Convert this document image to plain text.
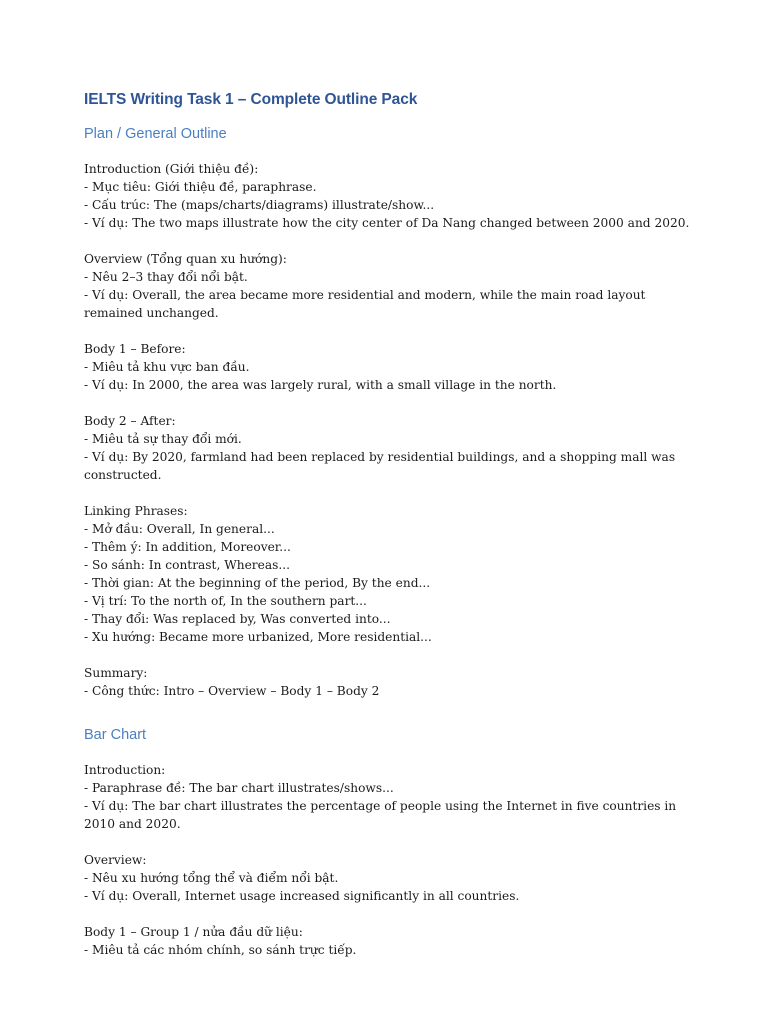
IELTS Writing Task 1 – Complete Outline Pack
Plan / General Outline
Introduction (Giới thiệu đề):
- Mục tiêu: Giới thiệu đề, paraphrase.
- Cấu trúc: The (maps/charts/diagrams) illustrate/show...
- Ví dụ: The two maps illustrate how the city center of Da Nang changed between 2000 and 2020.
Overview (Tổng quan xu hướng):
- Nêu 2–3 thay đổi nổi bật.
- Ví dụ: Overall, the area became more residential and modern, while the main road layout remained unchanged.
Body 1 – Before:
- Miêu tả khu vực ban đầu.
- Ví dụ: In 2000, the area was largely rural, with a small village in the north.
Body 2 – After:
- Miêu tả sự thay đổi mới.
- Ví dụ: By 2020, farmland had been replaced by residential buildings, and a shopping mall was constructed.
Linking Phrases:
- Mở đầu: Overall, In general...
- Thêm ý: In addition, Moreover...
- So sánh: In contrast, Whereas...
- Thời gian: At the beginning of the period, By the end...
- Vị trí: To the north of, In the southern part...
- Thay đổi: Was replaced by, Was converted into...
- Xu hướng: Became more urbanized, More residential...
Summary:
- Công thức: Intro – Overview – Body 1 – Body 2
Bar Chart
Introduction:
- Paraphrase đề: The bar chart illustrates/shows...
- Ví dụ: The bar chart illustrates the percentage of people using the Internet in five countries in 2010 and 2020.
Overview:
- Nêu xu hướng tổng thể và điểm nổi bật.
- Ví dụ: Overall, Internet usage increased significantly in all countries.
Body 1 – Group 1 / nửa đầu dữ liệu:
- Miêu tả các nhóm chính, so sánh trực tiếp.
